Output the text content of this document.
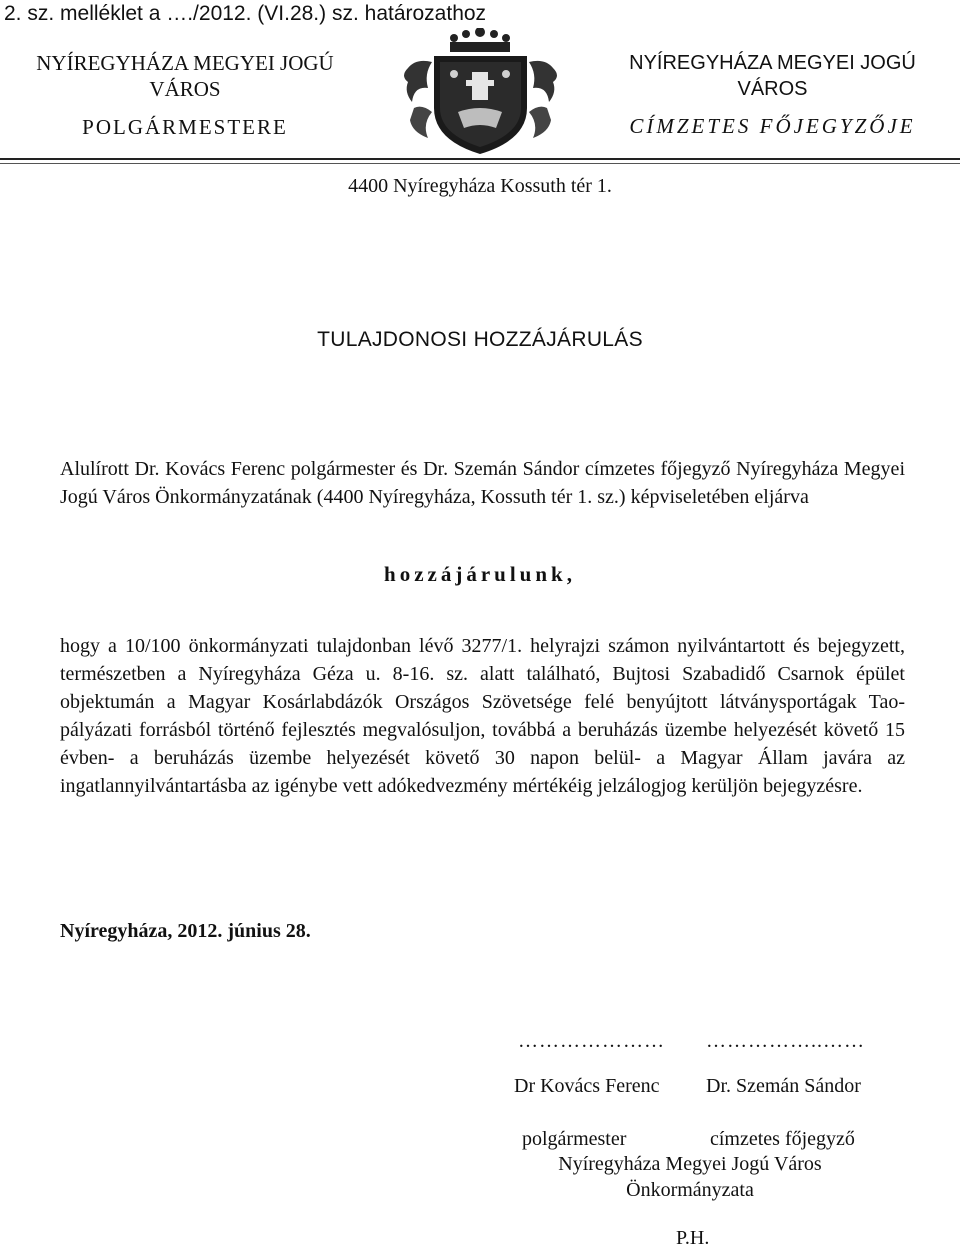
2. sz. melléklet a …./2012. (VI.28.) sz. határozathoz
NYÍREGYHÁZA MEGYEI JOGÚ
VÁROS
POLGÁRMESTERE
NYÍREGYHÁZA MEGYEI JOGÚ
VÁROS
CÍMZETES FŐJEGYZŐJE
4400 Nyíregyháza Kossuth tér 1.
TULAJDONOSI HOZZÁJÁRULÁS
Alulírott Dr. Kovács Ferenc polgármester és Dr. Szemán Sándor címzetes főjegyző Nyíregyháza Megyei Jogú Város Önkormányzatának (4400 Nyíregyháza, Kossuth tér 1. sz.) képviseletében eljárva
hozzájárulunk,
hogy a 10/100 önkormányzati tulajdonban lévő 3277/1. helyrajzi számon nyilvántartott és bejegyzett, természetben a Nyíregyháza Géza u. 8-16. sz. alatt található, Bujtosi Szabadidő Csarnok épület objektumán a Magyar Kosárlabdázók Országos Szövetsége felé benyújtott látványsportágak Tao-pályázati forrásból történő fejlesztés megvalósuljon, továbbá a beruházás üzembe helyezését követő 15 évben- a beruházás üzembe helyezését követő 30 napon belül- a Magyar Állam javára az ingatlannyilvántartásba az igénybe vett adókedvezmény mértékéig jelzálogjog kerüljön bejegyzésre.
Nyíregyháza, 2012. június 28.
………………… ……………..……
Dr Kovács Ferenc Dr. Szemán Sándor
polgármester	címzetes főjegyző
Nyíregyháza Megyei Jogú Város
Önkormányzata
P.H.
